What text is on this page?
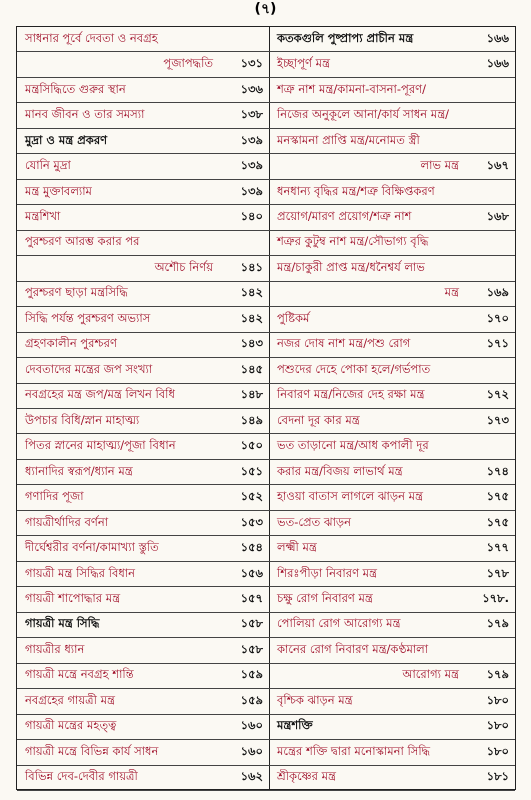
(৭)
সাধনার পূর্বে দেবতা ও নবগ্রহ
পূজাপদ্ধতি	১৩১
মন্ত্রসিদ্ধিতে গুরুর স্থান	১৩৬
মানব জীবন ও তার সমস্যা	১৩৮
মুদ্রা ও মন্ত্র প্রকরণ	১৩৯
যোনি মুদ্রা	১৩৯
মন্ত্র মুক্তাবল্যাম	১৩৯
মন্ত্রশিখা	১৪০
পুরশ্চরণ আরম্ভ করার পর
অশৌচ নির্ণয়	১৪১
পুরশ্চরণ ছাড়া মন্ত্রসিদ্ধি	১৪২
সিদ্ধি পর্যন্ত পুরশ্চরণ অভ্যাস	১৪২
গ্রহণকালীন পুরশ্চরণ	১৪৩
দেবতাদের মন্ত্রের জপ সংখ্যা	১৪৫
নবগ্রহের মন্ত্র জপ/মন্ত্র লিখন বিধি	১৪৮
উপচার বিধি/স্নান মাহাত্ম্য	১৪৯
পিতর স্নানের মাহাত্ম্য/পূজা বিধান	১৫০
ধ্যানাদির স্বরূপ/ধ্যান মন্ত্র	১৫১
গণাদির পূজা	১৫২
গায়ত্রীর্থাদির বর্ণনা	১৫৩
দীর্ঘেশ্বরীর বর্ণনা/কামাখ্যা স্তুতি	১৫৪
গায়ত্রী মন্ত্র সিদ্ধির বিধান	১৫৬
গায়ত্রী শাপোদ্ধার মন্ত্র	১৫৭
গায়ত্রী মন্ত্র সিদ্ধি	১৫৮
গায়ত্রীর ধ্যান	১৫৮
গায়ত্রী মন্ত্রে নবগ্রহ শান্তি	১৫৯
নবগ্রহের গায়ত্রী মন্ত্র	১৫৯
গায়ত্রী মন্ত্রের মহত্ত্ব	১৬০
গায়ত্রী মন্ত্রে বিভিন্ন কার্য সাধন	১৬০
বিভিন্ন দেব-দেবীর গায়ত্রী	১৬২
কতকগুলি পুষ্প্রাপ্য প্রাচীন মন্ত্র	১৬৬
ইচ্ছাপূর্ণ মন্ত্র	১৬৬
শত্রু নাশ মন্ত্র/কামনা-বাসনা-পূরণ/
নিজের অনুকূলে আনা/কার্য সাধন মন্ত্র/
মনস্কামনা প্রাপ্তি মন্ত্র/মনোমত স্ত্রী
লাভ মন্ত্র	১৬৭
ধনধান্য বৃদ্ধির মন্ত্র/শত্রু বিক্ষিপ্তকরণ
প্রয়োগ/মারণ প্রয়োগ/শত্রু নাশ	১৬৮
শত্রুর কুটুম্ব নাশ মন্ত্র/সৌভাগ্য বৃদ্ধি
মন্ত্র/চাকুরী প্রাপ্ত মন্ত্র/ধনৈশ্বর্য লাভ
মন্ত্র	১৬৯
পুষ্টিকর্ম	১৭০
নজর দোষ নাশ মন্ত্র/পশু রোগ	১৭১
পশুদের দেহে পোকা হলে/গর্ভপাত
নিবারণ মন্ত্র/নিজের দেহ রক্ষা মন্ত্র	১৭২
বেদনা দূর কার মন্ত্র	১৭৩
ভত তাড়ানো মন্ত্র/আধ কপালী দূর
করার মন্ত্র/বিজয় লাভার্থ মন্ত্র	১৭৪
হাওয়া বাতাস লাগলে ঝাড়ন মন্ত্র	১৭৫
ভত-প্রেত ঝাড়ন	১৭৫
লক্ষ্মী মন্ত্র	১৭৭
শিরঃপীড়া নিবারণ মন্ত্র	১৭৮
চক্ষু রোগ নিবারণ মন্ত্র	১৭৮.
পোলিয়া রোগ আরোগ্য মন্ত্র	১৭৯
কানের রোগ নিবারণ মন্ত্র/কণ্ঠমালা
আরোগ্য মন্ত্র	১৭৯
বৃশ্চিক ঝাড়ন মন্ত্র	১৮০
মন্ত্রশক্তি	১৮০
মন্ত্রের শক্তি দ্বারা মনোস্কামনা সিদ্ধি	১৮০
শ্রীকৃষ্ণের মন্ত্র	১৮১
